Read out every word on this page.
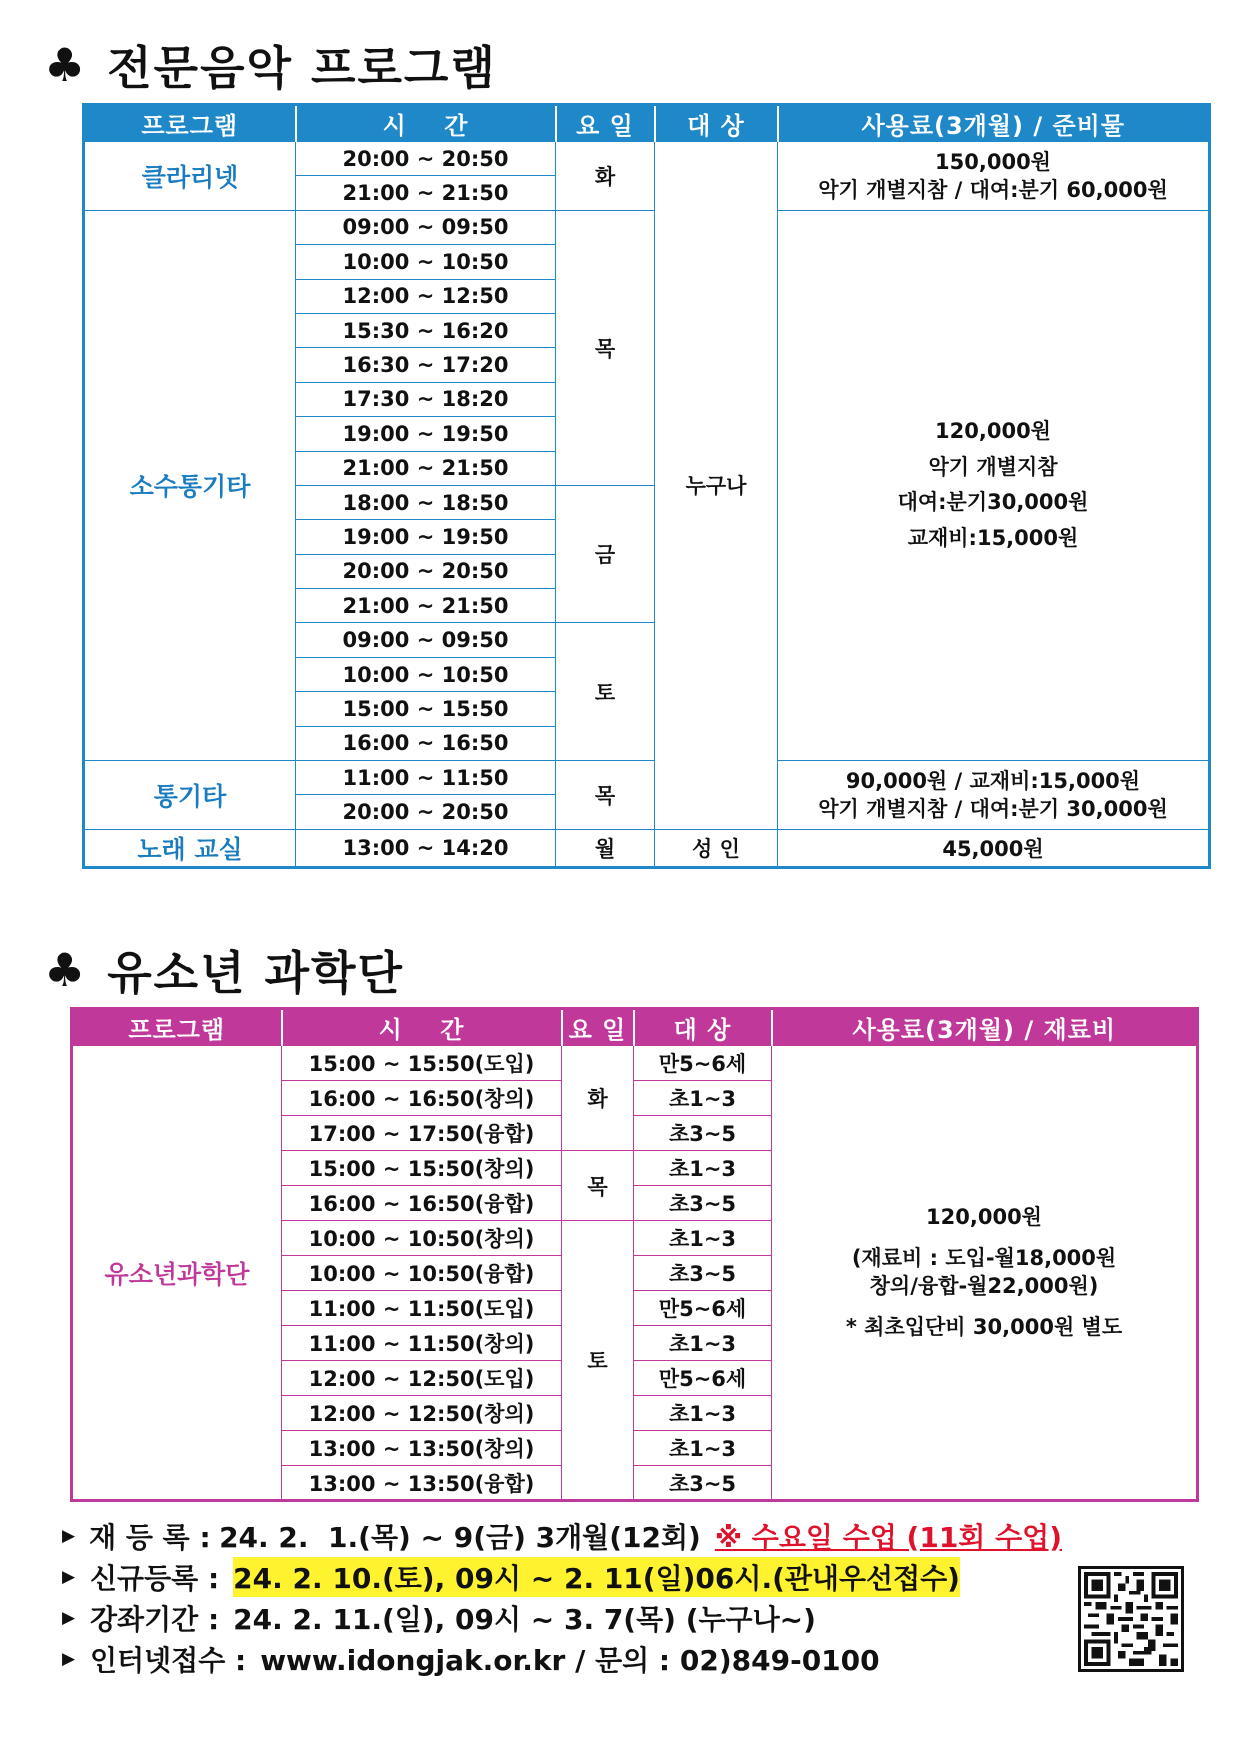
♣ 전문음악 프로그램
프로그램	시    간	요 일	대 상	사용료(3개월) / 준비물
클라리넷	20:00 ~ 20:50	화	누구나	150,000원
악기 개별지참 / 대여:분기 60,000원

	21:00 ~ 21:50			
소수통기타	09:00 ~ 09:50	목		120,000원
악기 개별지참
대여:분기30,000원
교재비:15,000원

	10:00 ~ 10:50			
	12:00 ~ 12:50			
	15:30 ~ 16:20			
	16:30 ~ 17:20			
	17:30 ~ 18:20			
	19:00 ~ 19:50			
	21:00 ~ 21:50			
	18:00 ~ 18:50	금		
	19:00 ~ 19:50			
	20:00 ~ 20:50			
	21:00 ~ 21:50			
	09:00 ~ 09:50	토		
	10:00 ~ 10:50			
	15:00 ~ 15:50			
	16:00 ~ 16:50			
통기타	11:00 ~ 11:50	목		90,000원 / 교재비:15,000원
악기 개별지참 / 대여:분기 30,000원

	20:00 ~ 20:50			
노래 교실	13:00 ~ 14:20	월	성 인	45,000원
♣ 유소년 과학단
프로그램	시    간	요 일	대 상	사용료(3개월) / 재료비
유소년과학단	15:00 ~ 15:50(도입)	화	만5~6세	120,000원
(재료비 : 도입-월18,000원
창의/융합-월22,000원)
* 최초입단비 30,000원 별도

	16:00 ~ 16:50(창의)		초1~3	
	17:00 ~ 17:50(융합)		초3~5	
	15:00 ~ 15:50(창의)	목	초1~3	
	16:00 ~ 16:50(융합)		초3~5	
	10:00 ~ 10:50(창의)	토	초1~3	
	10:00 ~ 10:50(융합)		초3~5	
	11:00 ~ 11:50(도입)		만5~6세	
	11:00 ~ 11:50(창의)		초1~3	
	12:00 ~ 12:50(도입)		만5~6세	
	12:00 ~ 12:50(창의)		초1~3	
	13:00 ~ 13:50(창의)		초1~3	
	13:00 ~ 13:50(융합)		초3~5	
▶ 재 등 록 : 24. 2.  1.(목) ~ 9(금) 3개월(12회) ※ 수요일 수업 (11회 수업)
▶ 신규등록 : 24. 2. 10.(토), 09시 ~ 2. 11(일)06시.(관내우선접수)
▶ 강좌기간 : 24. 2. 11.(일), 09시 ~ 3. 7(목) (누구나~)
▶ 인터넷접수 : www.idongjak.or.kr / 문의 : 02)849-0100
